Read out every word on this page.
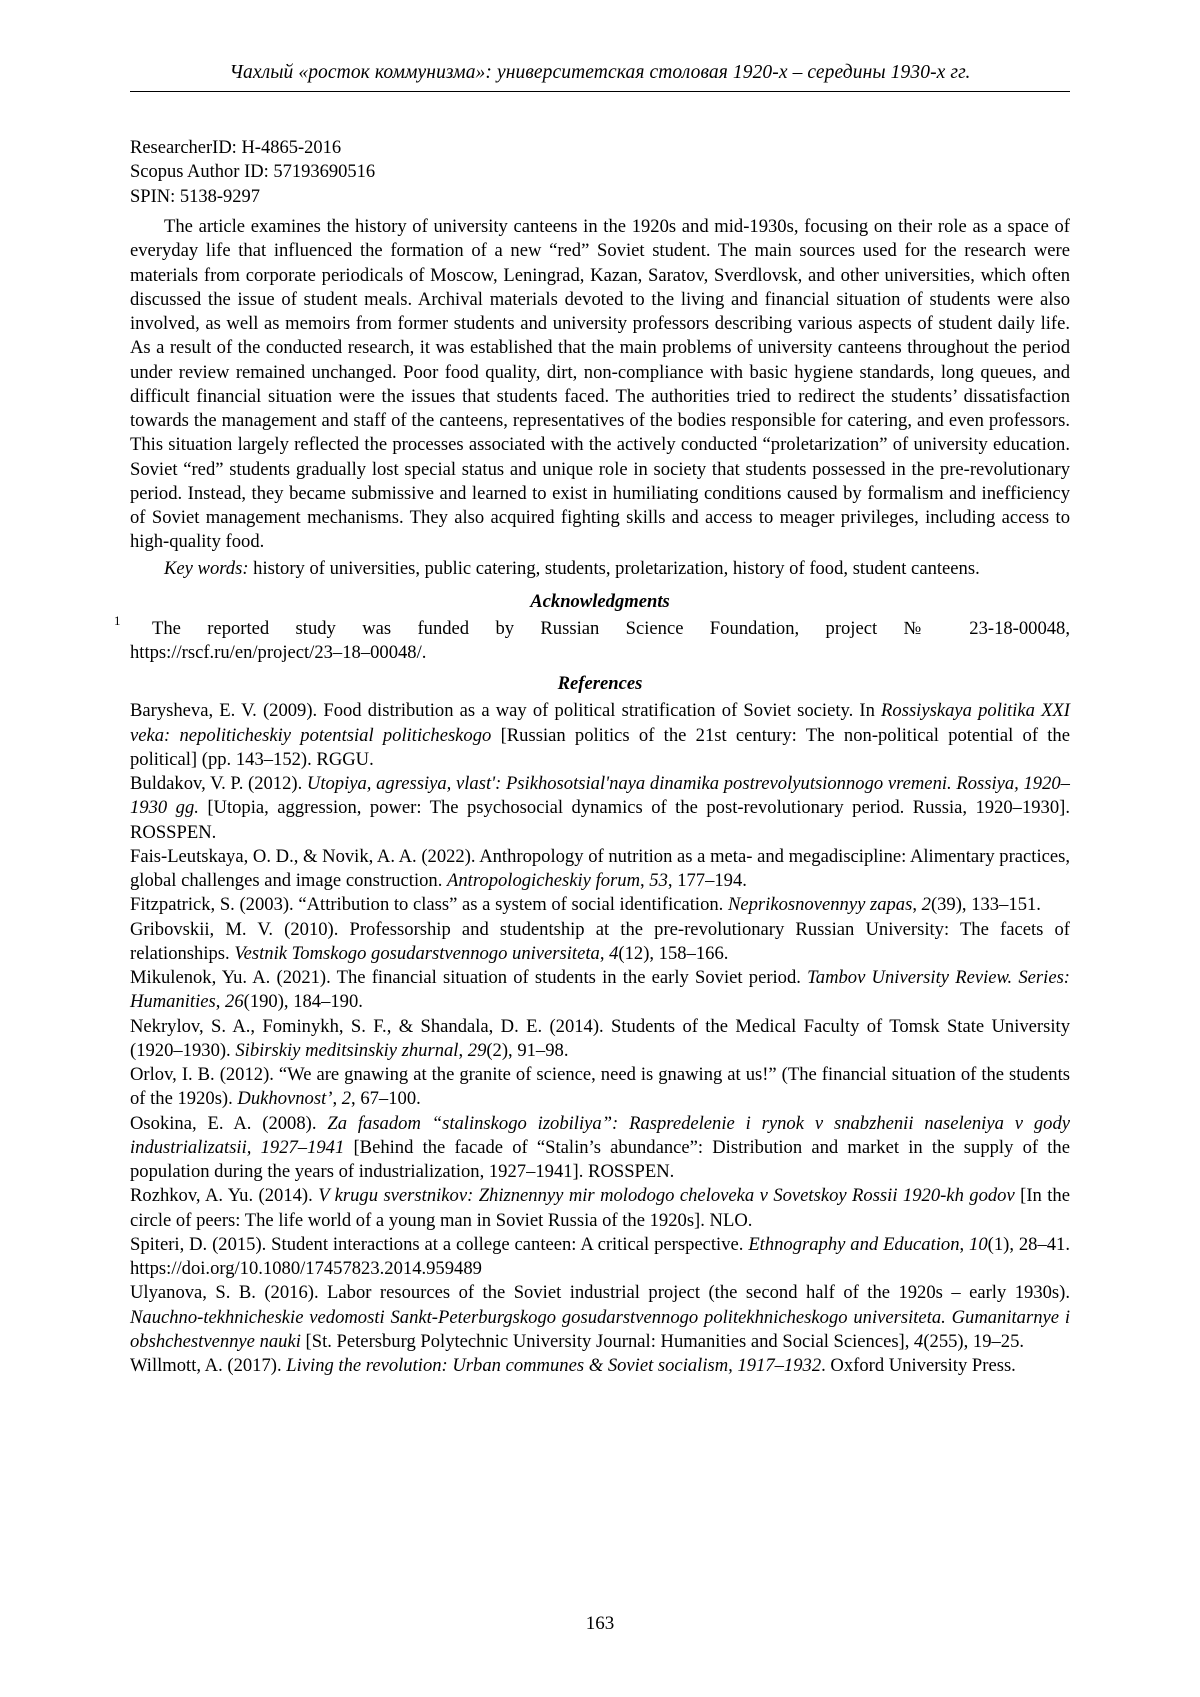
Чахлый «росток коммунизма»: университетская столовая 1920-х – середины 1930-х гг.
ResearcherID: H-4865-2016
Scopus Author ID: 57193690516
SPIN: 5138-9297

The article examines the history of university canteens in the 1920s and mid-1930s, focusing on their role as a space of everyday life that influenced the formation of a new “red” Soviet student. The main sources used for the research were materials from corporate periodicals of Moscow, Leningrad, Kazan, Saratov, Sverdlovsk, and other universities, which often discussed the issue of student meals. Archival materials devoted to the living and financial situation of students were also involved, as well as memoirs from former students and university professors describing various aspects of student daily life. As a result of the conducted research, it was established that the main problems of university canteens throughout the period under review remained unchanged. Poor food quality, dirt, non-compliance with basic hygiene standards, long queues, and difficult financial situation were the issues that students faced. The authorities tried to redirect the students’ dissatisfaction towards the management and staff of the canteens, representatives of the bodies responsible for catering, and even professors. This situation largely reflected the processes associated with the actively conducted “proletarization” of university education. Soviet “red” students gradually lost special status and unique role in society that students possessed in the pre-revolutionary period. Instead, they became submissive and learned to exist in humiliating conditions caused by formalism and inefficiency of Soviet management mechanisms. They also acquired fighting skills and access to meager privileges, including access to high-quality food.

Key words: history of universities, public catering, students, proletarization, history of food, student canteens.

Acknowledgments
1	The reported study was funded by Russian Science Foundation, project № 23-18-00048,
https://rscf.ru/en/project/23–18–00048/.
References

Barysheva, E. V. (2009). Food distribution as a way of political stratification of Soviet society. In Rossiyskaya politika XXI veka: nepoliticheskiy potentsial politicheskogo [Russian politics of the 21st century: The non-political potential of the political] (pp. 143–152). RGGU.

Buldakov, V. P. (2012). Utopiya, agressiya, vlast': Psikhosotsial'naya dinamika postrevolyutsionnogo vremeni. Rossiya, 1920–1930 gg. [Utopia, aggression, power: The psychosocial dynamics of the post-revolutionary period. Russia, 1920–1930]. ROSSPEN.

Fais-Leutskaya, O. D., & Novik, A. A. (2022). Anthropology of nutrition as a meta- and megadiscipline: Alimentary practices, global challenges and image construction. Antropologicheskiy forum, 53, 177–194.

Fitzpatrick, S. (2003). “Attribution to class” as a system of social identification. Neprikosnovennyy zapas, 2(39), 133–151.

Gribovskii, M. V. (2010). Professorship and studentship at the pre-revolutionary Russian University: The facets of relationships. Vestnik Tomskogo gosudarstvennogo universiteta, 4(12), 158–166.

Mikulenok, Yu. A. (2021). The financial situation of students in the early Soviet period. Tambov University Review. Series: Humanities, 26(190), 184–190.

Nekrylov, S. A., Fominykh, S. F., & Shandala, D. E. (2014). Students of the Medical Faculty of Tomsk State University (1920–1930). Sibirskiy meditsinskiy zhurnal, 29(2), 91–98.

Orlov, I. B. (2012). “We are gnawing at the granite of science, need is gnawing at us!” (The financial situation of the students of the 1920s). Dukhovnost’, 2, 67–100.

Osokina, E. A. (2008). Za fasadom “stalinskogo izobiliya”: Raspredelenie i rynok v snabzhenii naseleniya v gody industrializatsii, 1927–1941 [Behind the facade of “Stalin’s abundance”: Distribution and market in the supply of the population during the years of industrialization, 1927–1941]. ROSSPEN.

Rozhkov, A. Yu. (2014). V krugu sverstnikov: Zhiznennyy mir molodogo cheloveka v Sovetskoy Rossii 1920-kh godov [In the circle of peers: The life world of a young man in Soviet Russia of the 1920s]. NLO.

Spiteri, D. (2015). Student interactions at a college canteen: A critical perspective. Ethnography and Education, 10(1), 28–41. https://doi.org/10.1080/17457823.2014.959489

Ulyanova, S. B. (2016). Labor resources of the Soviet industrial project (the second half of the 1920s – early 1930s). Nauchno-tekhnicheskie vedomosti Sankt-Peterburgskogo gosudarstvennogo politekhnicheskogo universiteta. Gumanitarnye i obshchestvennye nauki [St. Petersburg Polytechnic University Journal: Humanities and Social Sciences], 4(255), 19–25.

Willmott, A. (2017). Living the revolution: Urban communes & Soviet socialism, 1917–1932. Oxford University Press.

163
